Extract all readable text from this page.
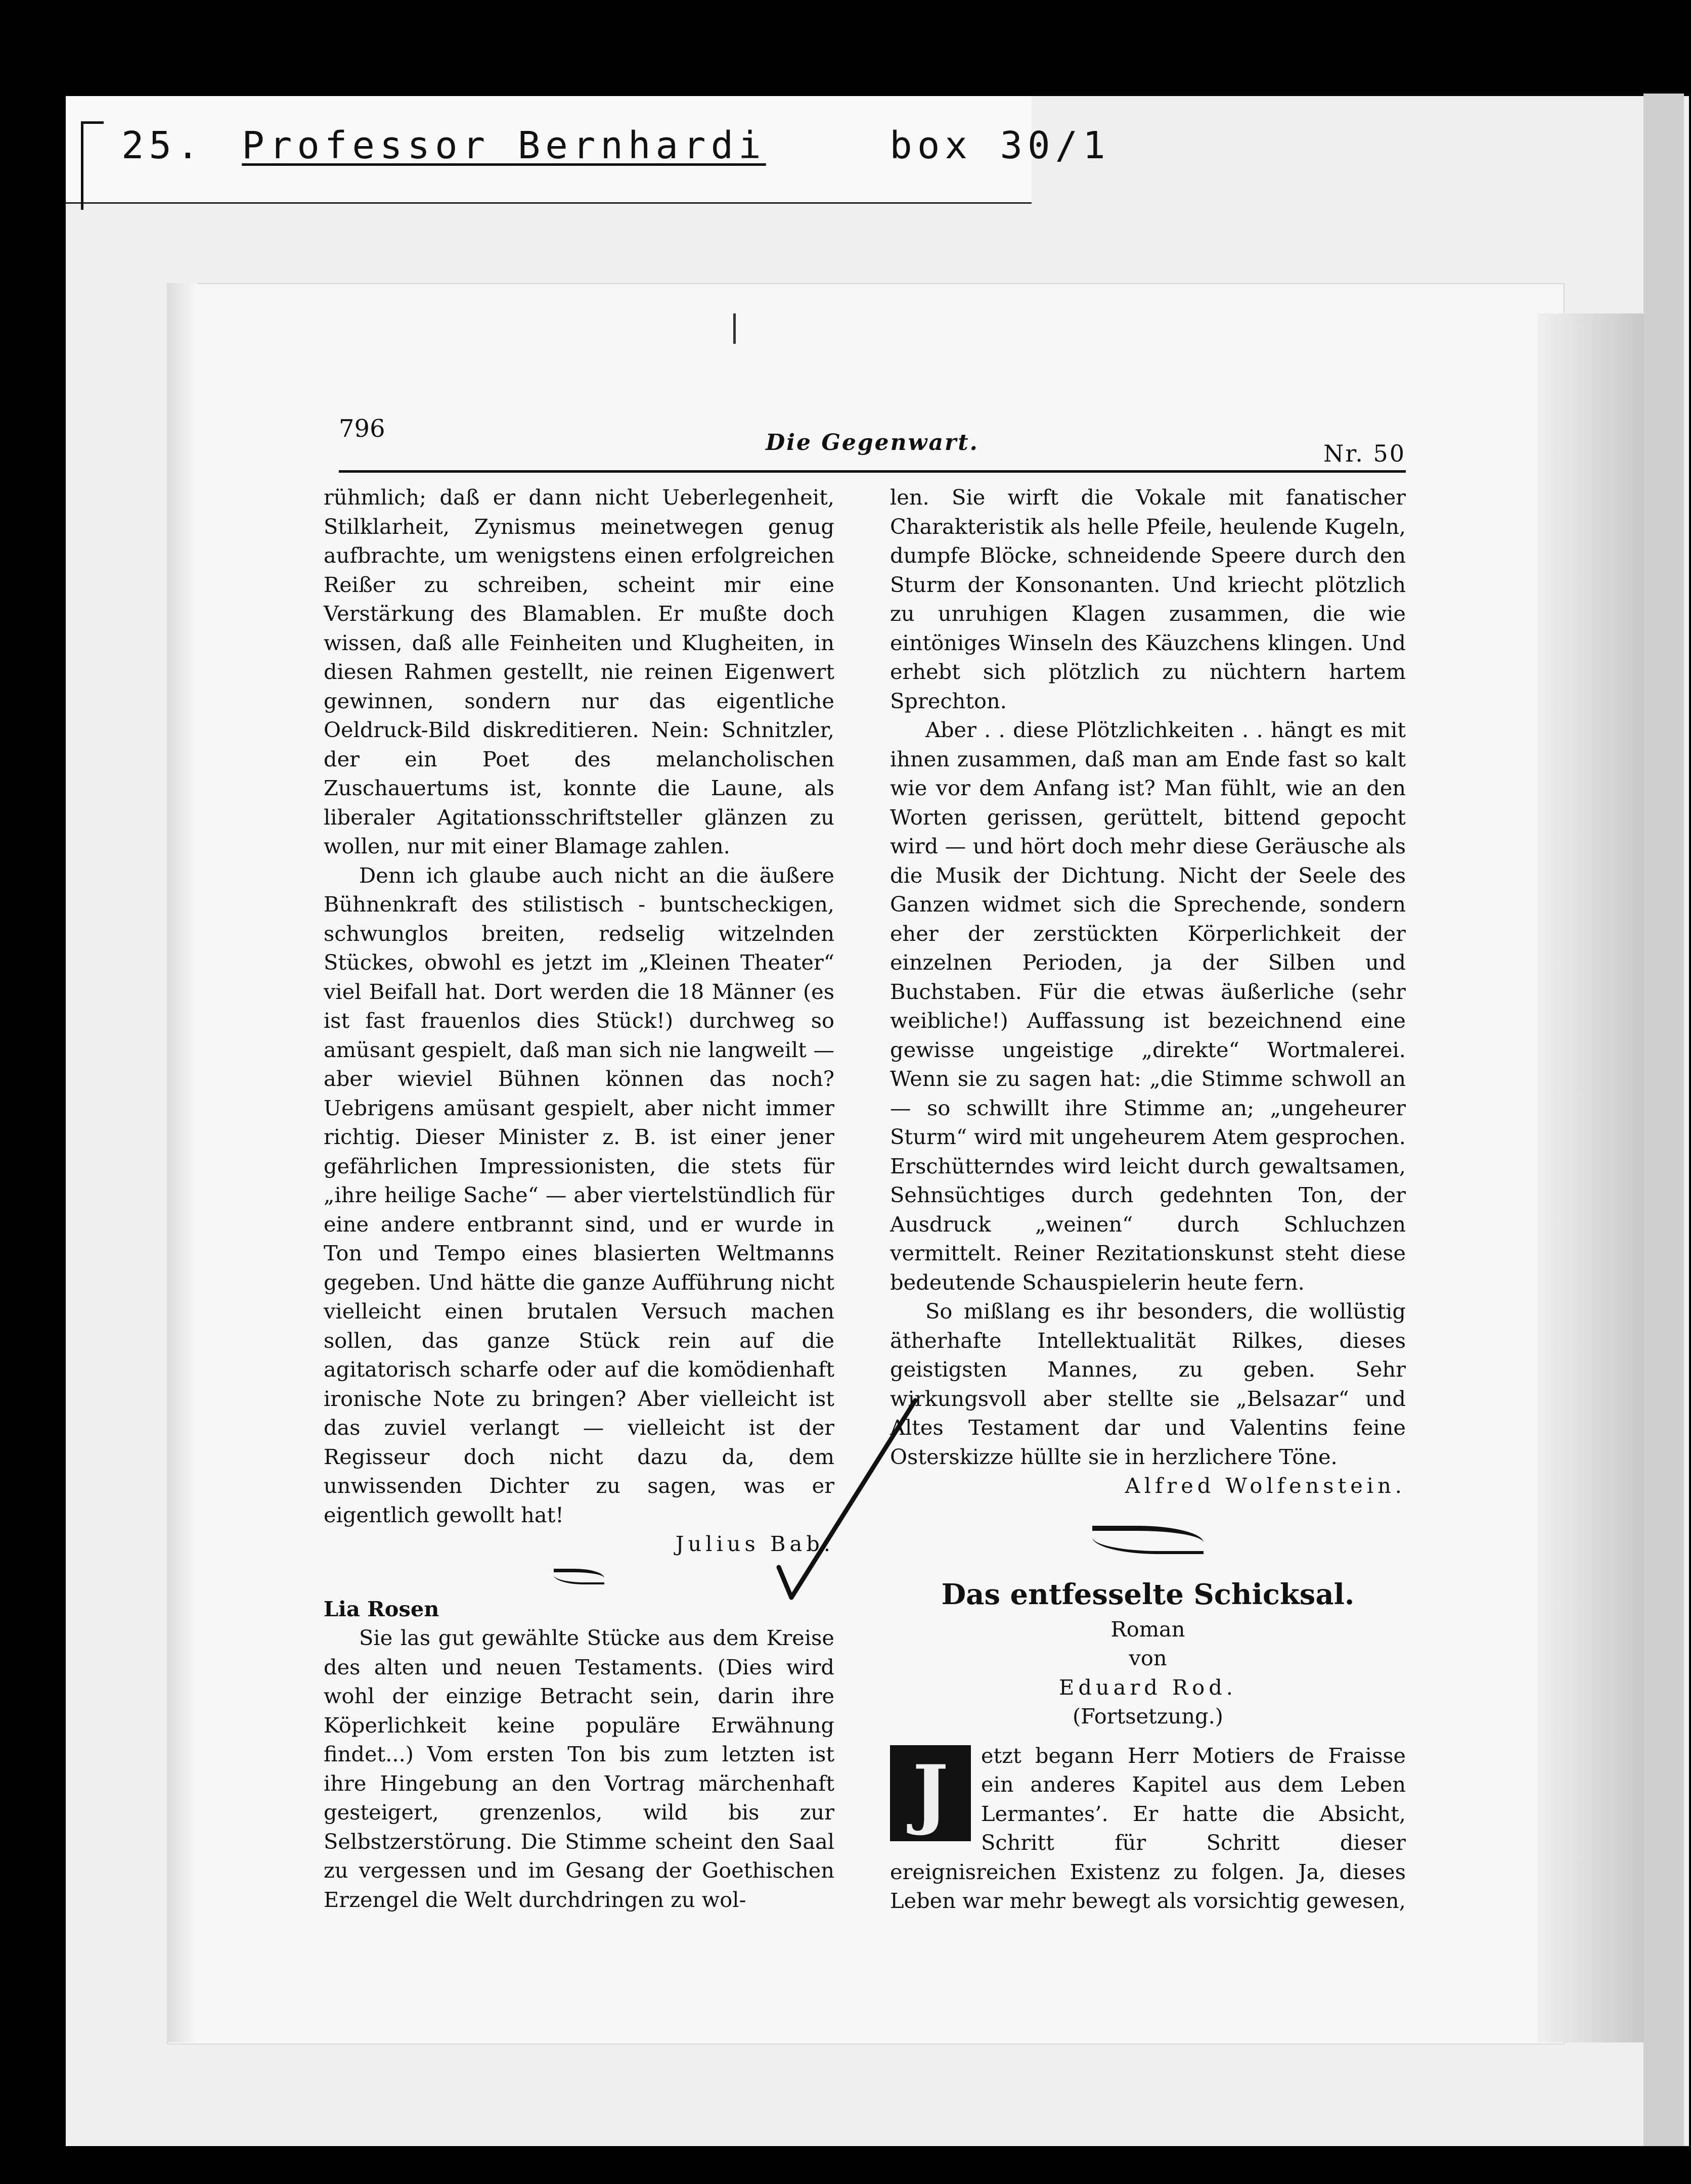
25. Professor Bernhardi	box 30/1
796	Die Gegenwart.	Nr. 50

rühmlich; daß er dann nicht Ueberlegenheit, Stilklarheit, Zynismus meinetwegen genug aufbrachte, um wenigstens einen erfolgreichen Reißer zu schreiben, scheint mir eine Verstärkung des Blamablen. Er mußte doch wissen, daß alle Feinheiten und Klugheiten, in diesen Rahmen gestellt, nie reinen Eigenwert gewinnen, sondern nur das eigentliche Oeldruck-Bild diskreditieren. Nein: Schnitzler, der ein Poet des melancholischen Zuschauertums ist, konnte die Laune, als liberaler Agitationsschriftsteller glänzen zu wollen, nur mit einer Blamage zahlen.

Denn ich glaube auch nicht an die äußere Bühnenkraft des stilistisch - buntscheckigen, schwunglos breiten, redselig witzelnden Stückes, obwohl es jetzt im „Kleinen Theater“ viel Beifall hat. Dort werden die 18 Männer (es ist fast frauenlos dies Stück!) durchweg so amüsant gespielt, daß man sich nie langweilt — aber wieviel Bühnen können das noch? Uebrigens amüsant gespielt, aber nicht immer richtig. Dieser Minister z. B. ist einer jener gefährlichen Impressionisten, die stets für „ihre heilige Sache“ — aber viertelstündlich für eine andere entbrannt sind, und er wurde in Ton und Tempo eines blasierten Weltmanns gegeben. Und hätte die ganze Aufführung nicht vielleicht einen brutalen Versuch machen sollen, das ganze Stück rein auf die agitatorisch scharfe oder auf die komödienhaft ironische Note zu bringen? Aber vielleicht ist das zuviel verlangt — vielleicht ist der Regisseur doch nicht dazu da, dem unwissenden Dichter zu sagen, was er eigentlich gewollt hat!

Julius Bab.

Lia Rosen

Sie las gut gewählte Stücke aus dem Kreise des alten und neuen Testaments. (Dies wird wohl der einzige Betracht sein, darin ihre Köperlichkeit keine populäre Erwähnung findet...) Vom ersten Ton bis zum letzten ist ihre Hingebung an den Vortrag märchenhaft gesteigert, grenzenlos, wild bis zur Selbstzerstörung. Die Stimme scheint den Saal zu vergessen und im Gesang der Goethischen Erzengel die Welt durchdringen zu wol-

len. Sie wirft die Vokale mit fanatischer Charakteristik als helle Pfeile, heulende Kugeln, dumpfe Blöcke, schneidende Speere durch den Sturm der Konsonanten. Und kriecht plötzlich zu unruhigen Klagen zusammen, die wie eintöniges Winseln des Käuzchens klingen. Und erhebt sich plötzlich zu nüchtern hartem Sprechton.

Aber . . diese Plötzlichkeiten . . hängt es mit ihnen zusammen, daß man am Ende fast so kalt wie vor dem Anfang ist? Man fühlt, wie an den Worten gerissen, gerüttelt, bittend gepocht wird — und hört doch mehr diese Geräusche als die Musik der Dichtung. Nicht der Seele des Ganzen widmet sich die Sprechende, sondern eher der zerstückten Körperlichkeit der einzelnen Perioden, ja der Silben und Buchstaben. Für die etwas äußerliche (sehr weibliche!) Auffassung ist bezeichnend eine gewisse ungeistige „direkte“ Wortmalerei. Wenn sie zu sagen hat: „die Stimme schwoll an — so schwillt ihre Stimme an; „ungeheurer Sturm“ wird mit ungeheurem Atem gesprochen. Erschütterndes wird leicht durch gewaltsamen, Sehnsüchtiges durch gedehnten Ton, der Ausdruck „weinen“ durch Schluchzen vermittelt. Reiner Rezitationskunst steht diese bedeutende Schauspielerin heute fern.

So mißlang es ihr besonders, die wollüstig ätherhafte Intellektualität Rilkes, dieses geistigsten Mannes, zu geben. Sehr wirkungsvoll aber stellte sie „Belsazar“ und Altes Testament dar und Valentins feine Osterskizze hüllte sie in herzlichere Töne.

Alfred Wolfenstein.

Das entfesselte Schicksal.

Roman

von

Eduard Rod.

(Fortsetzung.)

J	etzt begann Herr Motiers de Fraisse ein anderes Kapitel aus dem Leben Lermantes’. Er hatte die Absicht, Schritt für Schritt dieser ereignisreichen Existenz zu folgen. Ja, dieses Leben war mehr bewegt als vorsichtig gewesen,
